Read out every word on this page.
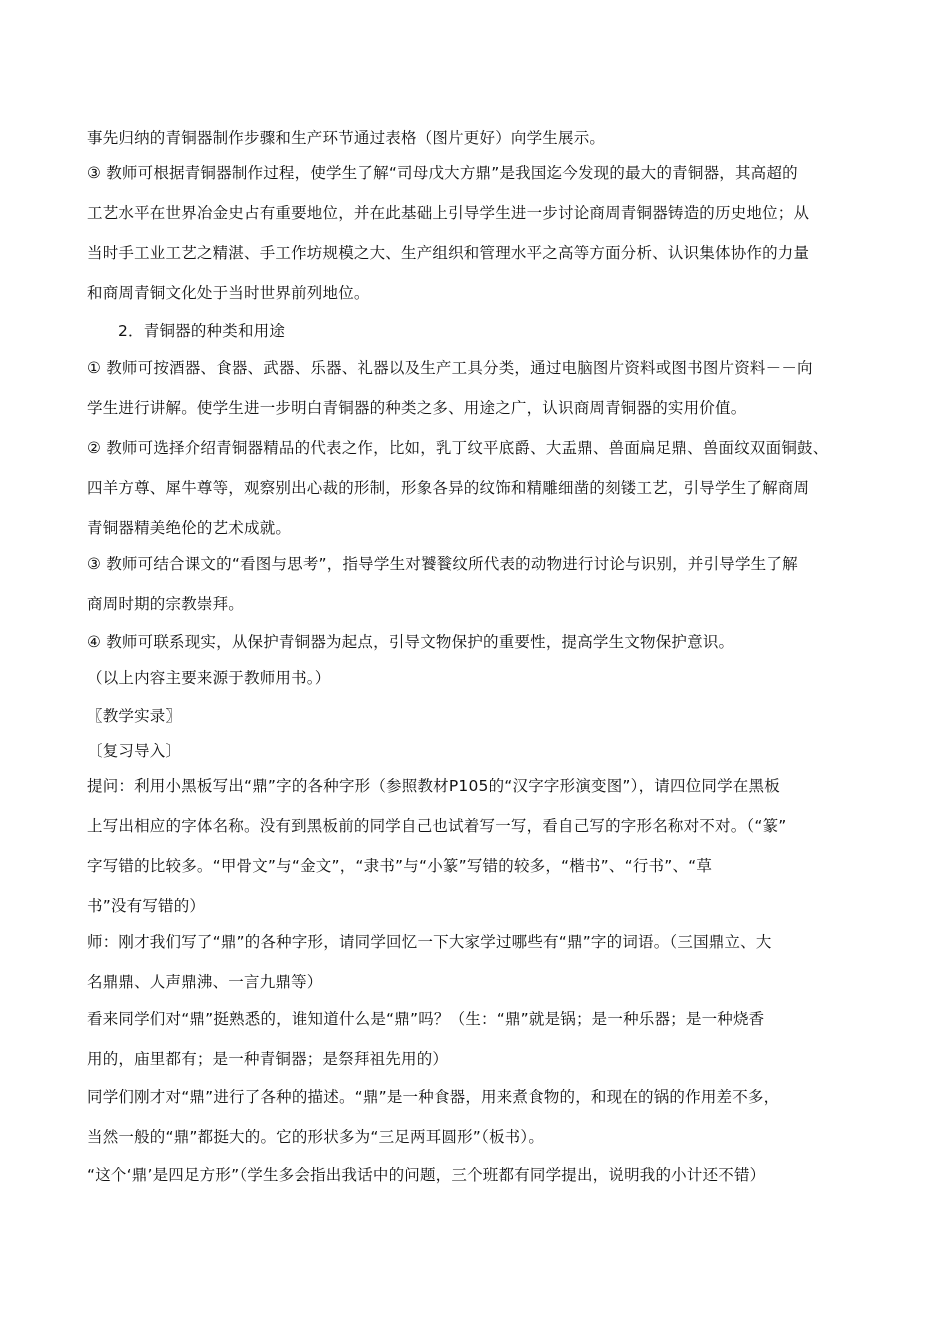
事先归纳的青铜器制作步骤和生产环节通过表格（图片更好）向学生展示。
③ 教师可根据青铜器制作过程，使学生了解“司母戊大方鼎”是我国迄今发现的最大的青铜器，其高超的
工艺水平在世界冶金史占有重要地位，并在此基础上引导学生进一步讨论商周青铜器铸造的历史地位；从
当时手工业工艺之精湛、手工作坊规模之大、生产组织和管理水平之高等方面分析、认识集体协作的力量
和商周青铜文化处于当时世界前列地位。
2．青铜器的种类和用途
① 教师可按酒器、食器、武器、乐器、礼器以及生产工具分类，通过电脑图片资料或图书图片资料－－向
学生进行讲解。使学生进一步明白青铜器的种类之多、用途之广，认识商周青铜器的实用价值。
② 教师可选择介绍青铜器精品的代表之作，比如，乳丁纹平底爵、大盂鼎、兽面扁足鼎、兽面纹双面铜鼓、
四羊方尊、犀牛尊等，观察别出心裁的形制，形象各异的纹饰和精雕细凿的刻镂工艺，引导学生了解商周
青铜器精美绝伦的艺术成就。
③ 教师可结合课文的“看图与思考”，指导学生对饕餮纹所代表的动物进行讨论与识别，并引导学生了解
商周时期的宗教崇拜。
④ 教师可联系现实，从保护青铜器为起点，引导文物保护的重要性，提高学生文物保护意识。
（以上内容主要来源于教师用书。）
〖教学实录〗
〔复习导入〕
提问：利用小黑板写出“鼎”字的各种字形（参照教材P105的“汉字字形演变图”），请四位同学在黑板
上写出相应的字体名称。没有到黑板前的同学自己也试着写一写，看自己写的字形名称对不对。（“篆”
字写错的比较多。“甲骨文”与“金文”，“隶书”与“小篆”写错的较多，“楷书”、“行书”、“草
书”没有写错的）
师：刚才我们写了“鼎”的各种字形，请同学回忆一下大家学过哪些有“鼎”字的词语。（三国鼎立、大
名鼎鼎、人声鼎沸、一言九鼎等）
看来同学们对“鼎”挺熟悉的，谁知道什么是“鼎”吗？（生：“鼎”就是锅；是一种乐器；是一种烧香
用的，庙里都有；是一种青铜器；是祭拜祖先用的）
同学们刚才对“鼎”进行了各种的描述。“鼎”是一种食器，用来煮食物的，和现在的锅的作用差不多，
当然一般的“鼎”都挺大的。它的形状多为“三足两耳圆形”（板书）。
“这个‘鼎’是四足方形”（学生多会指出我话中的问题，三个班都有同学提出，说明我的小计还不错）
